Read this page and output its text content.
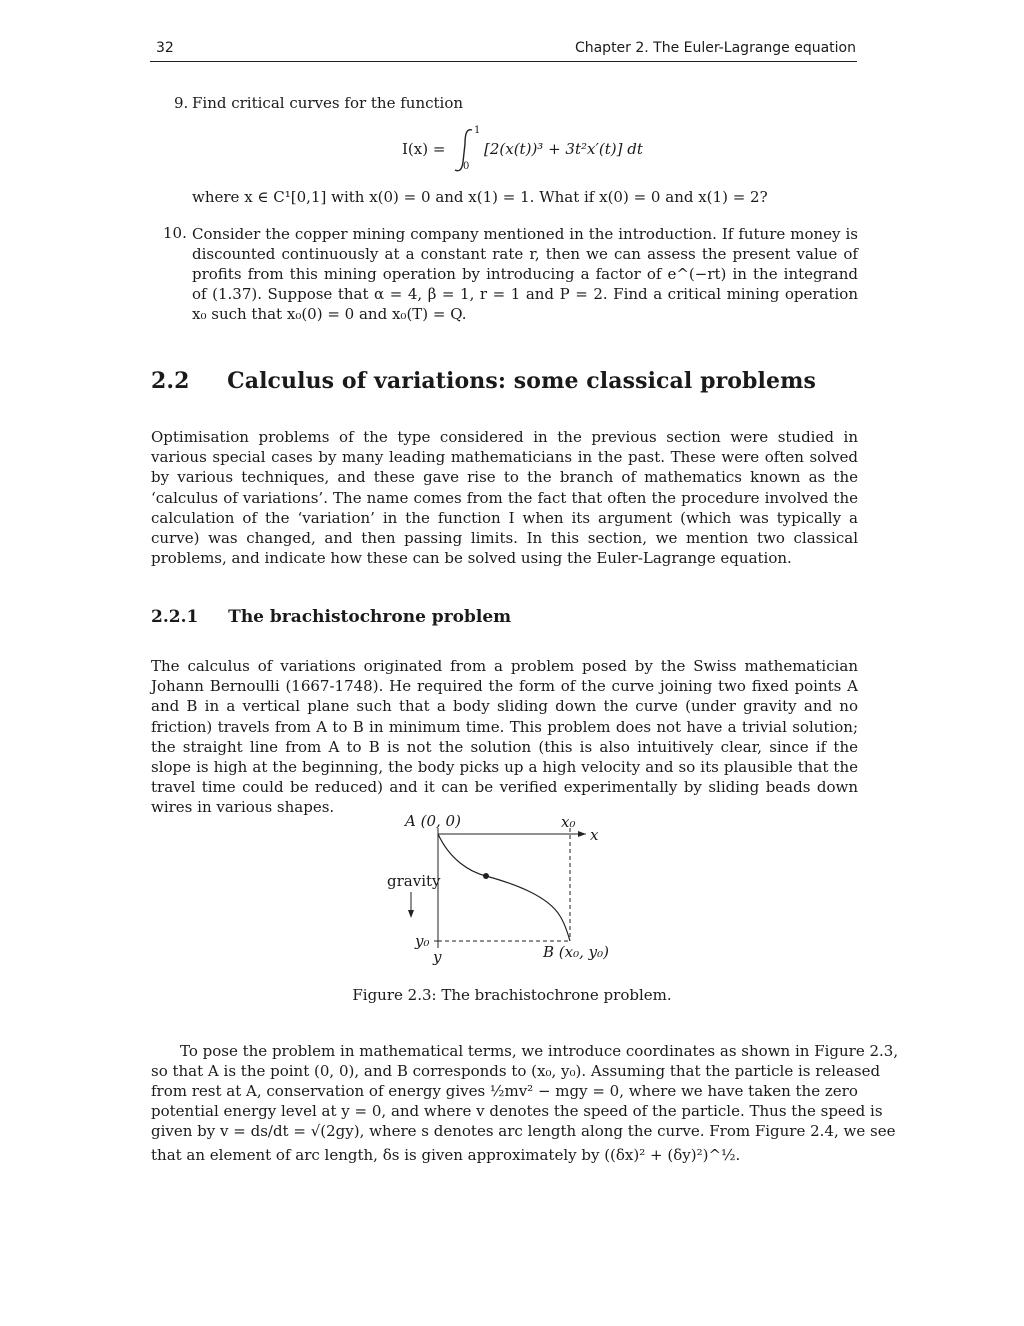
32	Chapter 2. The Euler-Lagrange equation
9. Find critical curves for the function
I(x) =
1
0
[2(x(t))³ + 3t²x′(t)] dt
where x ∈ C¹[0,1] with x(0) = 0 and x(1) = 1. What if x(0) = 0 and x(1) = 2?
10. Consider the copper mining company mentioned in the introduction. If future money is discounted continuously at a constant rate r, then we can assess the present value of profits from this mining operation by introducing a factor of e^(−rt) in the integrand of (1.37). Suppose that α = 4, β = 1, r = 1 and P = 2. Find a critical mining operation x₀ such that x₀(0) = 0 and x₀(T) = Q.

2.2 Calculus of variations: some classical problems

Optimisation problems of the type considered in the previous section were studied in various special cases by many leading mathematicians in the past. These were often solved by various techniques, and these gave rise to the branch of mathematics known as the ‘calculus of variations’. The name comes from the fact that often the procedure involved the calculation of the ‘variation’ in the function I when its argument (which was typically a curve) was changed, and then passing limits. In this section, we mention two classical problems, and indicate how these can be solved using the Euler-Lagrange equation.

2.2.1 The brachistochrone problem

The calculus of variations originated from a problem posed by the Swiss mathematician Johann Bernoulli (1667-1748). He required the form of the curve joining two fixed points A and B in a vertical plane such that a body sliding down the curve (under gravity and no friction) travels from A to B in minimum time. This problem does not have a trivial solution; the straight line from A to B is not the solution (this is also intuitively clear, since if the slope is high at the beginning, the body picks up a high velocity and so its plausible that the travel time could be reduced) and it can be verified experimentally by sliding beads down wires in various shapes.

A (0, 0)	x₀
x
gravity
y₀
y	B (x₀, y₀)
Figure 2.3: The brachistochrone problem.
To pose the problem in mathematical terms, we introduce coordinates as shown in Figure 2.3,
so that A is the point (0, 0), and B corresponds to (x₀, y₀). Assuming that the particle is released
from rest at A, conservation of energy gives ½mv² − mgy = 0, where we have taken the zero
potential energy level at y = 0, and where v denotes the speed of the particle. Thus the speed is
given by v = ds/dt = √(2gy), where s denotes arc length along the curve. From Figure 2.4, we see
that an element of arc length, δs is given approximately by ((δx)² + (δy)²)^½.
